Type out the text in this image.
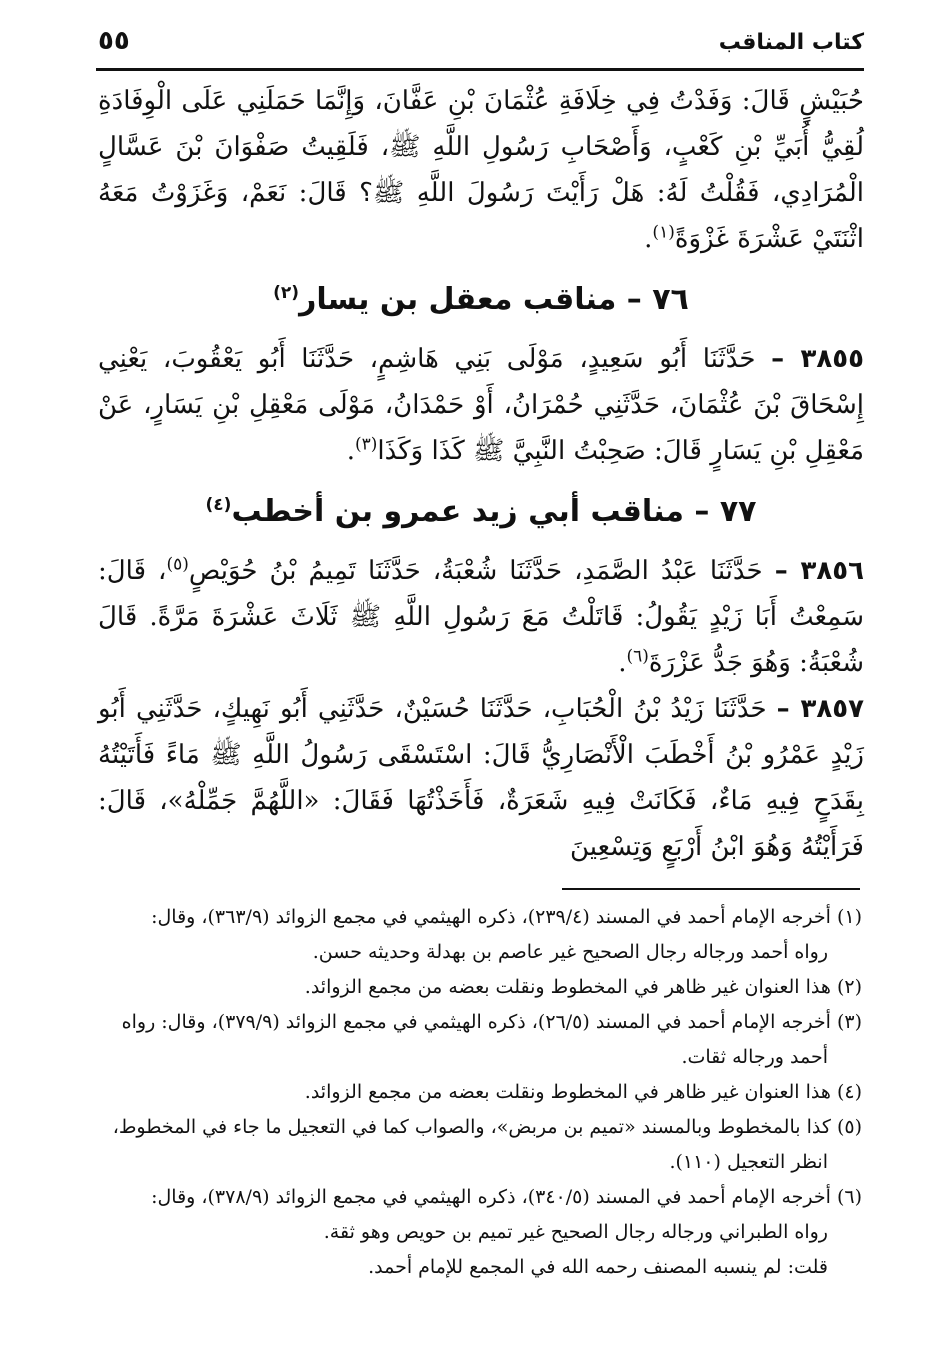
كتاب المناقب
٥٥

حُبَيْشٍ قَالَ: وَفَدْتُ فِي خِلَافَةِ عُثْمَانَ بْنِ عَفَّانَ، وَإِنَّمَا حَمَلَنِي عَلَى الْوِفَادَةِ لُقِيُّ أُبَيِّ بْنِ كَعْبٍ، وَأَصْحَابِ رَسُولِ اللَّهِ ﷺ، فَلَقِيتُ صَفْوَانَ بْنَ عَسَّالٍ الْمُرَادِي، فَقُلْتُ لَهُ: هَلْ رَأَيْتَ رَسُولَ اللَّهِ ﷺ؟ قَالَ: نَعَمْ، وَغَزَوْتُ مَعَهُ اثْنَتَيْ عَشْرَةَ غَزْوَةً$^{(١)}$.

٧٦ – مناقب معقل بن يسار$^{(٢)}$

٣٨٥٥ – حَدَّثَنَا أَبُو سَعِيدٍ، مَوْلَى بَنِي هَاشِمٍ، حَدَّثَنَا أَبُو يَعْقُوبَ، يَعْنِي إِسْحَاقَ بْنَ عُثْمَانَ، حَدَّثَنِي حُمْرَانُ، أَوْ حَمْدَانُ، مَوْلَى مَعْقِلِ بْنِ يَسَارٍ، عَنْ مَعْقِلِ بْنِ يَسَارٍ قَالَ: صَحِبْتُ النَّبِيَّ ﷺ كَذَا وَكَذَا$^{(٣)}$.

٧٧ – مناقب أبي زيد عمرو بن أخطب$^{(٤)}$

٣٨٥٦ – حَدَّثَنَا عَبْدُ الصَّمَدِ، حَدَّثَنَا شُعْبَةُ، حَدَّثَنَا تَمِيمُ بْنُ حُوَيْصٍ$^{(٥)}$، قَالَ: سَمِعْتُ أَبَا زَيْدٍ يَقُولُ: قَاتَلْتُ مَعَ رَسُولِ اللَّهِ ﷺ ثَلَاثَ عَشْرَةَ مَرَّةً. قَالَ شُعْبَةُ: وَهُوَ جَدُّ عَزْرَةَ$^{(٦)}$.

٣٨٥٧ – حَدَّثَنَا زَيْدُ بْنُ الْحُبَابِ، حَدَّثَنَا حُسَيْنٌ، حَدَّثَنِي أَبُو نَهِيكٍ، حَدَّثَنِي أَبُو زَيْدٍ عَمْرُو بْنُ أَخْطَبَ الْأَنْصَارِيُّ قَالَ: اسْتَسْقَى رَسُولُ اللَّهِ ﷺ مَاءً فَأَتَيْتُهُ بِقَدَحٍ فِيهِ مَاءٌ، فَكَانَتْ فِيهِ شَعَرَةٌ، فَأَخَذْتُهَا فَقَالَ: «اللَّهُمَّ جَمِّلْهُ»، قَالَ: فَرَأَيْتُهُ وَهُوَ ابْنُ أَرْبَعٍ وَتِسْعِينَ

(١) أخرجه الإمام أحمد في المسند (٢٣٩/٤)، ذكره الهيثمي في مجمع الزوائد (٣٦٣/٩)، وقال:

رواه أحمد ورجاله رجال الصحيح غير عاصم بن بهدلة وحديثه حسن.

(٢) هذا العنوان غير ظاهر في المخطوط ونقلت بعضه من مجمع الزوائد.

(٣) أخرجه الإمام أحمد في المسند (٢٦/٥)، ذكره الهيثمي في مجمع الزوائد (٣٧٩/٩)، وقال: رواه

أحمد ورجاله ثقات.

(٤) هذا العنوان غير ظاهر في المخطوط ونقلت بعضه من مجمع الزوائد.

(٥) كذا بالمخطوط وبالمسند «تميم بن مربض»، والصواب كما في التعجيل ما جاء في المخطوط،

انظر التعجيل (١١٠).

(٦) أخرجه الإمام أحمد في المسند (٣٤٠/٥)، ذكره الهيثمي في مجمع الزوائد (٣٧٨/٩)، وقال:

رواه الطبراني ورجاله رجال الصحيح غير تميم بن حويص وهو ثقة.

قلت: لم ينسبه المصنف رحمه الله في المجمع للإمام أحمد.
